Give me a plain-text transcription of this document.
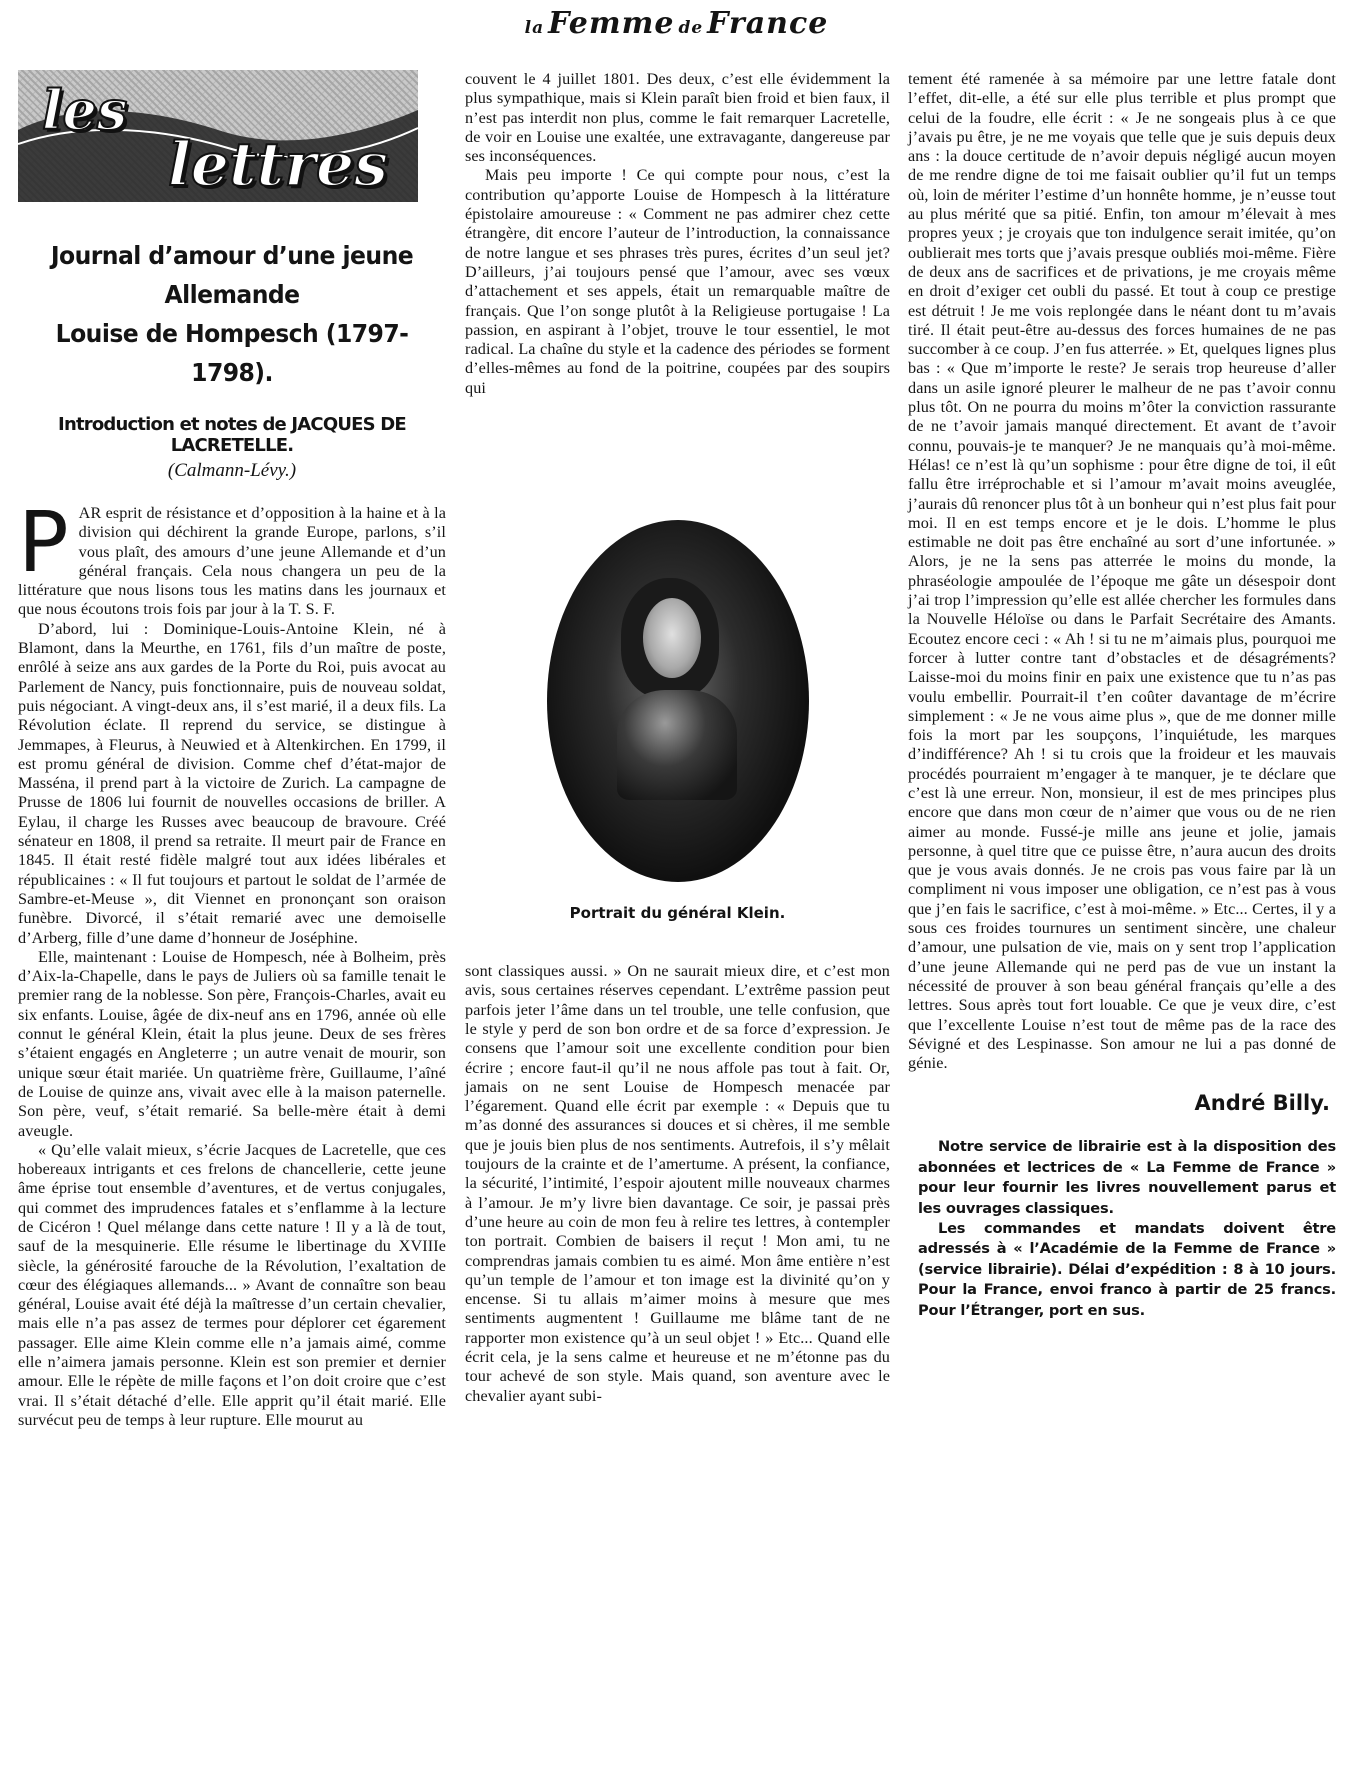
la Femme de France
les
lettres
Journal d’amour d’une jeune Allemande
Louise de Hompesch (1797-1798).
Introduction et notes de JACQUES DE LACRETELLE.
(Calmann-Lévy.)
P AR esprit de résistance et d’opposition à la haine et à la division qui déchirent la grande Europe, parlons, s’il vous plaît, des amours d’une jeune Allemande et d’un général français. Cela nous changera un peu de la littérature que nous lisons tous les matins dans les journaux et que nous écoutons trois fois par jour à la T. S. F.

D’abord, lui : Dominique-Louis-Antoine Klein, né à Blamont, dans la Meurthe, en 1761, fils d’un maître de poste, enrôlé à seize ans aux gardes de la Porte du Roi, puis avocat au Parlement de Nancy, puis fonctionnaire, puis de nouveau soldat, puis négociant. A vingt-deux ans, il s’est marié, il a deux fils. La Révolution éclate. Il reprend du service, se distingue à Jemmapes, à Fleurus, à Neuwied et à Altenkirchen. En 1799, il est promu général de division. Comme chef d’état-major de Masséna, il prend part à la victoire de Zurich. La campagne de Prusse de 1806 lui fournit de nouvelles occasions de briller. A Eylau, il charge les Russes avec beaucoup de bravoure. Créé sénateur en 1808, il prend sa retraite. Il meurt pair de France en 1845. Il était resté fidèle malgré tout aux idées libérales et républicaines : « Il fut toujours et partout le soldat de l’armée de Sambre-et-Meuse », dit Viennet en prononçant son oraison funèbre. Divorcé, il s’était remarié avec une demoiselle d’Arberg, fille d’une dame d’honneur de Joséphine.

Elle, maintenant : Louise de Hompesch, née à Bolheim, près d’Aix-la-Chapelle, dans le pays de Juliers où sa famille tenait le premier rang de la noblesse. Son père, François-Charles, avait eu six enfants. Louise, âgée de dix-neuf ans en 1796, année où elle connut le général Klein, était la plus jeune. Deux de ses frères s’étaient engagés en Angleterre ; un autre venait de mourir, son unique sœur était mariée. Un quatrième frère, Guillaume, l’aîné de Louise de quinze ans, vivait avec elle à la maison paternelle. Son père, veuf, s’était remarié. Sa belle-mère était à demi aveugle.

« Qu’elle valait mieux, s’écrie Jacques de Lacretelle, que ces hobereaux intrigants et ces frelons de chancellerie, cette jeune âme éprise tout ensemble d’aventures, et de vertus conjugales, qui commet des imprudences fatales et s’enflamme à la lecture de Cicéron ! Quel mélange dans cette nature ! Il y a là de tout, sauf de la mesquinerie. Elle résume le libertinage du XVIIIe siècle, la générosité farouche de la Révolution, l’exaltation de cœur des élégiaques allemands... » Avant de connaître son beau général, Louise avait été déjà la maîtresse d’un certain chevalier, mais elle n’a pas assez de termes pour déplorer cet égarement passager. Elle aime Klein comme elle n’a jamais aimé, comme elle n’aimera jamais personne. Klein est son premier et dernier amour. Elle le répète de mille façons et l’on doit croire que c’est vrai. Il s’était détaché d’elle. Elle apprit qu’il était marié. Elle survécut peu de temps à leur rupture. Elle mourut au

couvent le 4 juillet 1801. Des deux, c’est elle évidemment la plus sympathique, mais si Klein paraît bien froid et bien faux, il n’est pas interdit non plus, comme le fait remarquer Lacretelle, de voir en Louise une exaltée, une extravagante, dangereuse par ses inconséquences.

Mais peu importe ! Ce qui compte pour nous, c’est la contribution qu’apporte Louise de Hompesch à la littérature épistolaire amoureuse : « Comment ne pas admirer chez cette étrangère, dit encore l’auteur de l’introduction, la connaissance de notre langue et ses phrases très pures, écrites d’un seul jet? D’ailleurs, j’ai toujours pensé que l’amour, avec ses vœux d’attachement et ses appels, était un remarquable maître de français. Que l’on songe plutôt à la Religieuse portugaise ! La passion, en aspirant à l’objet, trouve le tour essentiel, le mot radical. La chaîne du style et la cadence des périodes se forment d’elles-mêmes au fond de la poitrine, coupées par des soupirs qui

Portrait du général Klein.

sont classiques aussi. » On ne saurait mieux dire, et c’est mon avis, sous certaines réserves cependant. L’extrême passion peut parfois jeter l’âme dans un tel trouble, une telle confusion, que le style y perd de son bon ordre et de sa force d’expression. Je consens que l’amour soit une excellente condition pour bien écrire ; encore faut-il qu’il ne nous affole pas tout à fait. Or, jamais on ne sent Louise de Hompesch menacée par l’égarement. Quand elle écrit par exemple : « Depuis que tu m’as donné des assurances si douces et si chères, il me semble que je jouis bien plus de nos sentiments. Autrefois, il s’y mêlait toujours de la crainte et de l’amertume. A présent, la confiance, la sécurité, l’intimité, l’espoir ajoutent mille nouveaux charmes à l’amour. Je m’y livre bien davantage. Ce soir, je passai près d’une heure au coin de mon feu à relire tes lettres, à contempler ton portrait. Combien de baisers il reçut ! Mon ami, tu ne comprendras jamais combien tu es aimé. Mon âme entière n’est qu’un temple de l’amour et ton image est la divinité qu’on y encense. Si tu allais m’aimer moins à mesure que mes sentiments augmentent ! Guillaume me blâme tant de ne rapporter mon existence qu’à un seul objet ! » Etc... Quand elle écrit cela, je la sens calme et heureuse et ne m’étonne pas du tour achevé de son style. Mais quand, son aventure avec le chevalier ayant subi-

tement été ramenée à sa mémoire par une lettre fatale dont l’effet, dit-elle, a été sur elle plus terrible et plus prompt que celui de la foudre, elle écrit : « Je ne songeais plus à ce que j’avais pu être, je ne me voyais que telle que je suis depuis deux ans : la douce certitude de n’avoir depuis négligé aucun moyen de me rendre digne de toi me faisait oublier qu’il fut un temps où, loin de mériter l’estime d’un honnête homme, je n’eusse tout au plus mérité que sa pitié. Enfin, ton amour m’élevait à mes propres yeux ; je croyais que ton indulgence serait imitée, qu’on oublierait mes torts que j’avais presque oubliés moi-même. Fière de deux ans de sacrifices et de privations, je me croyais même en droit d’exiger cet oubli du passé. Et tout à coup ce prestige est détruit ! Je me vois replongée dans le néant dont tu m’avais tiré. Il était peut-être au-dessus des forces humaines de ne pas succomber à ce coup. J’en fus atterrée. » Et, quelques lignes plus bas : « Que m’importe le reste? Je serais trop heureuse d’aller dans un asile ignoré pleurer le malheur de ne pas t’avoir connu plus tôt. On ne pourra du moins m’ôter la conviction rassurante de ne t’avoir jamais manqué directement. Et avant de t’avoir connu, pouvais-je te manquer? Je ne manquais qu’à moi-même. Hélas! ce n’est là qu’un sophisme : pour être digne de toi, il eût fallu être irréprochable et si l’amour m’avait moins aveuglée, j’aurais dû renoncer plus tôt à un bonheur qui n’est plus fait pour moi. Il en est temps encore et je le dois. L’homme le plus estimable ne doit pas être enchaîné au sort d’une infortunée. » Alors, je ne la sens pas atterrée le moins du monde, la phraséologie ampoulée de l’époque me gâte un désespoir dont j’ai trop l’impression qu’elle est allée chercher les formules dans la Nouvelle Héloïse ou dans le Parfait Secrétaire des Amants. Ecoutez encore ceci : « Ah ! si tu ne m’aimais plus, pourquoi me forcer à lutter contre tant d’obstacles et de désagréments? Laisse-moi du moins finir en paix une existence que tu n’as pas voulu embellir. Pourrait-il t’en coûter davantage de m’écrire simplement : « Je ne vous aime plus », que de me donner mille fois la mort par les soupçons, l’inquiétude, les marques d’indifférence? Ah ! si tu crois que la froideur et les mauvais procédés pourraient m’engager à te manquer, je te déclare que c’est là une erreur. Non, monsieur, il est de mes principes plus encore que dans mon cœur de n’aimer que vous ou de ne rien aimer au monde. Fussé-je mille ans jeune et jolie, jamais personne, à quel titre que ce puisse être, n’aura aucun des droits que je vous avais donnés. Je ne crois pas vous faire par là un compliment ni vous imposer une obligation, ce n’est pas à vous que j’en fais le sacrifice, c’est à moi-même. » Etc... Certes, il y a sous ces froides tournures un sentiment sincère, une chaleur d’amour, une pulsation de vie, mais on y sent trop l’application d’une jeune Allemande qui ne perd pas de vue un instant la nécessité de prouver à son beau général français qu’elle a des lettres. Sous après tout fort louable. Ce que je veux dire, c’est que l’excellente Louise n’est tout de même pas de la race des Sévigné et des Lespinasse. Son amour ne lui a pas donné de génie.

André Billy.

Notre service de librairie est à la disposition des abonnées et lectrices de « La Femme de France » pour leur fournir les livres nouvellement parus et les ouvrages classiques.

Les commandes et mandats doivent être adressés à « l’Académie de la Femme de France » (service librairie). Délai d’expédition : 8 à 10 jours. Pour la France, envoi franco à partir de 25 francs. Pour l’Étranger, port en sus.
